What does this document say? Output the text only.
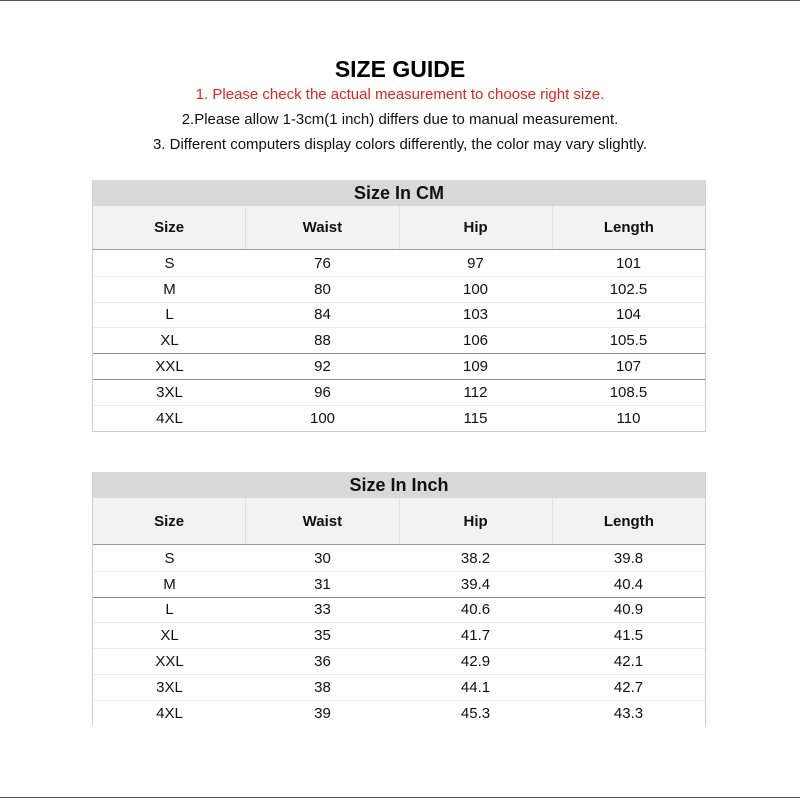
SIZE GUIDE
1. Please check the actual measurement to choose right size.
2.Please allow 1-3cm(1 inch) differs due to manual measurement.
3. Different computers display colors differently, the color may vary slightly.
Size In CM
Size	Waist	Hip	Length
S	76	97	101
M	80	100	102.5
L	84	103	104
XL	88	106	105.5
XXL	92	109	107
3XL	96	112	108.5
4XL	100	115	110
Size In Inch
Size	Waist	Hip	Length
S	30	38.2	39.8
M	31	39.4	40.4
L	33	40.6	40.9
XL	35	41.7	41.5
XXL	36	42.9	42.1
3XL	38	44.1	42.7
4XL	39	45.3	43.3
